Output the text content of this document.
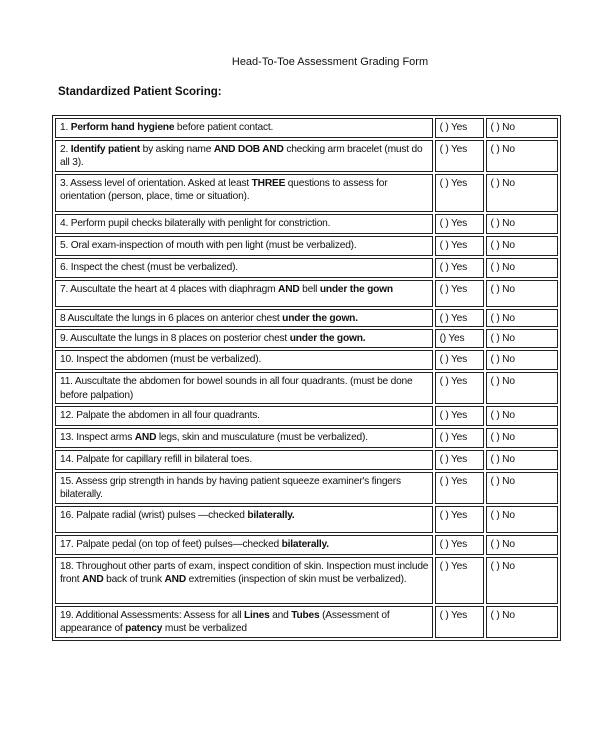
Head-To-Toe Assessment Grading Form
Standardized Patient Scoring:
1. Perform hand hygiene before patient contact.	( ) Yes	( ) No
2. Identify patient by asking name AND DOB AND checking arm bracelet (must do all 3).	( ) Yes	( ) No
3. Assess level of orientation. Asked at least THREE questions to assess for orientation (person, place, time or situation).	( ) Yes	( ) No
4. Perform pupil checks bilaterally with penlight for constriction.	( ) Yes	( ) No
5. Oral exam-inspection of mouth with pen light (must be verbalized).	( ) Yes	( ) No
6. Inspect the chest (must be verbalized).	( ) Yes	( ) No
7. Auscultate the heart at 4 places with diaphragm AND bell under the gown	( ) Yes	( ) No
8 Auscultate the lungs in 6 places on anterior chest under the gown.	( ) Yes	( ) No
9. Auscultate the lungs in 8 places on posterior chest under the gown.	() Yes	( ) No
10. Inspect the abdomen (must be verbalized).	( ) Yes	( ) No
11. Auscultate the abdomen for bowel sounds in all four quadrants. (must be done before palpation)	( ) Yes	( ) No
12. Palpate the abdomen in all four quadrants.	( ) Yes	( ) No
13. Inspect arms AND legs, skin and musculature (must be verbalized).	( ) Yes	( ) No
14. Palpate for capillary refill in bilateral toes.	( ) Yes	( ) No
15. Assess grip strength in hands by having patient squeeze examiner's fingers bilaterally.	( ) Yes	( ) No
16. Palpate radial (wrist) pulses —checked bilaterally.	( ) Yes	( ) No
17. Palpate pedal (on top of feet) pulses—checked bilaterally.	( ) Yes	( ) No
18. Throughout other parts of exam, inspect condition of skin. Inspection must include front AND back of trunk AND extremities (inspection of skin must be verbalized).	( ) Yes	( ) No
19. Additional Assessments: Assess for all Lines and Tubes (Assessment of appearance of patency must be verbalized	( ) Yes	( ) No
